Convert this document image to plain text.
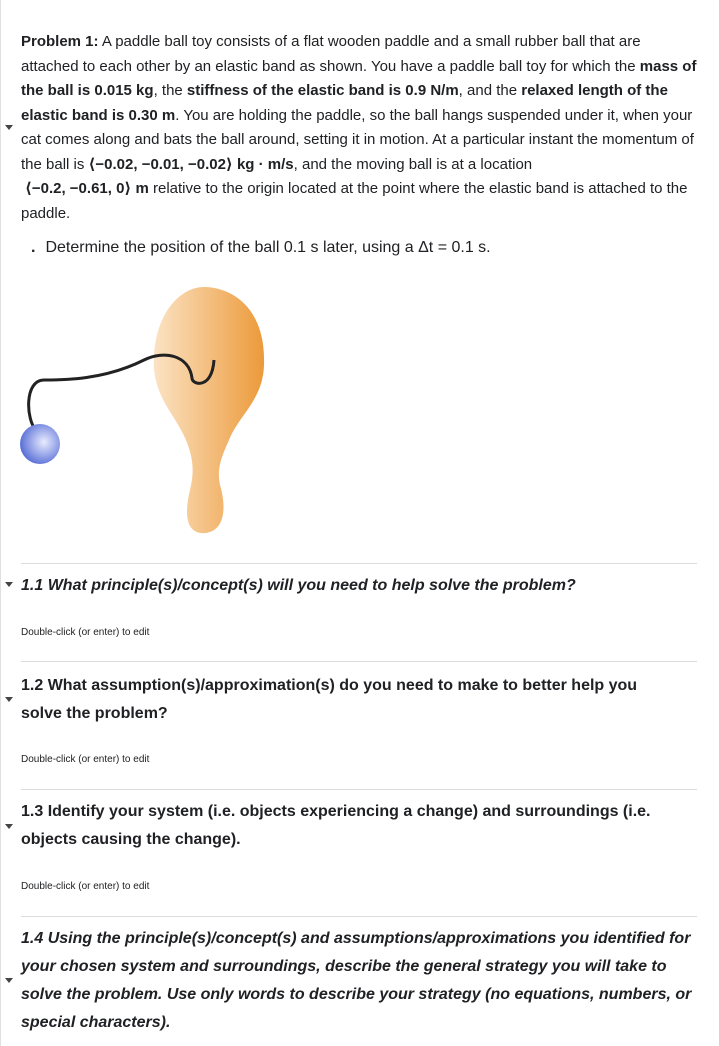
Problem 1: A paddle ball toy consists of a flat wooden paddle and a small rubber ball that are attached to each other by an elastic band as shown. You have a paddle ball toy for which the mass of the ball is 0.015 kg, the stiffness of the elastic band is 0.9 N/m, and the relaxed length of the elastic band is 0.30 m. You are holding the paddle, so the ball hangs suspended under it, when your cat comes along and bats the ball around, setting it in motion. At a particular instant the momentum of the ball is ⟨−0.02, −0.01, −0.02⟩ kg · m/s, and the moving ball is at a location
⟨−0.2, −0.61, 0⟩ m relative to the origin located at the point where the elastic band is attached to the paddle.
. Determine the position of the ball 0.1 s later, using a Δt = 0.1 s.
1.1 What principle(s)/concept(s) will you need to help solve the problem?
Double-click (or enter) to edit
1.2 What assumption(s)/approximation(s) do you need to make to better help you solve the problem?
Double-click (or enter) to edit
1.3 Identify your system (i.e. objects experiencing a change) and surroundings (i.e. objects causing the change).
Double-click (or enter) to edit
1.4 Using the principle(s)/concept(s) and assumptions/approximations you identified for your chosen system and surroundings, describe the general strategy you will take to solve the problem. Use only words to describe your strategy (no equations, numbers, or special characters).
